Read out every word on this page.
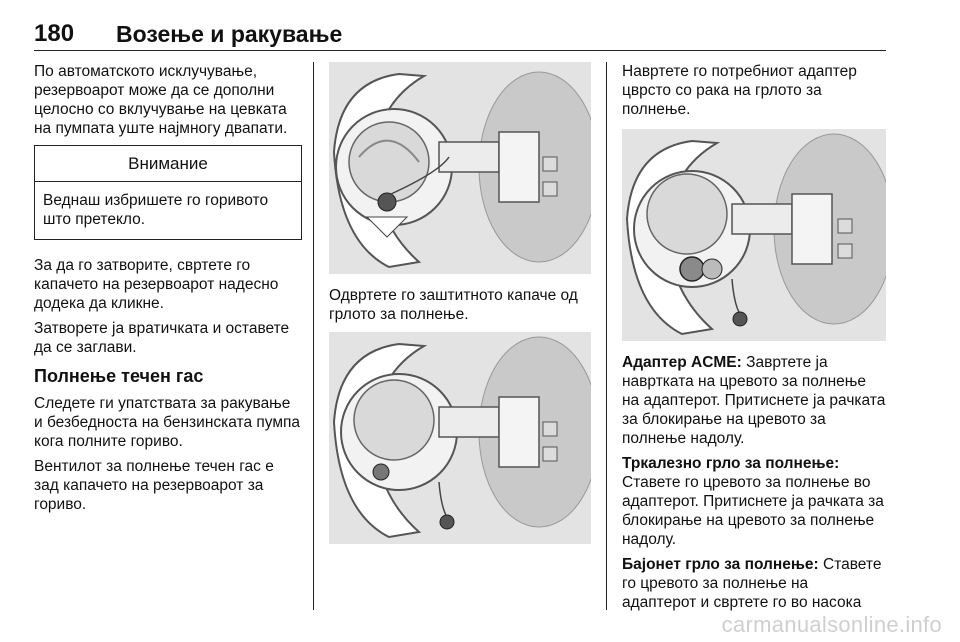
180 Возење и ракување

По автоматското исклучување, резервоарот може да се дополни целосно со вклучување на цевката на пумпата уште најмногу двапати.

Внимание
Веднаш избришете го горивото што претекло.

За да го затворите, свртете го капачето на резервоарот надесно додека да кликне.

Затворете ја вратичката и оставете да се заглави.

Полнење течен гас

Следете ги упатствата за ракување и безбедноста на бензинската пумпа кога полните гориво.

Вентилот за полнење течен гас е зад капачето на резервоарот за гориво.

Одвртете го заштитното капаче од грлото за полнење.

Навртете го потребниот адаптер цврсто со рака на грлото за полнење.

Адаптер ACME: Завртете ја навртката на цревото за полнење на адаптерот. Притиснете ја рачката за блокирање на цревото за полнење надолу.

Тркалезно грло за полнење: Ставете го цревото за полнење во адаптерот. Притиснете ја рачката за блокирање на цревото за полнење надолу.

Бајонет грло за полнење: Ставете го цревото за полнење на адаптерот и свртете го во насока

carmanualsonline.info
